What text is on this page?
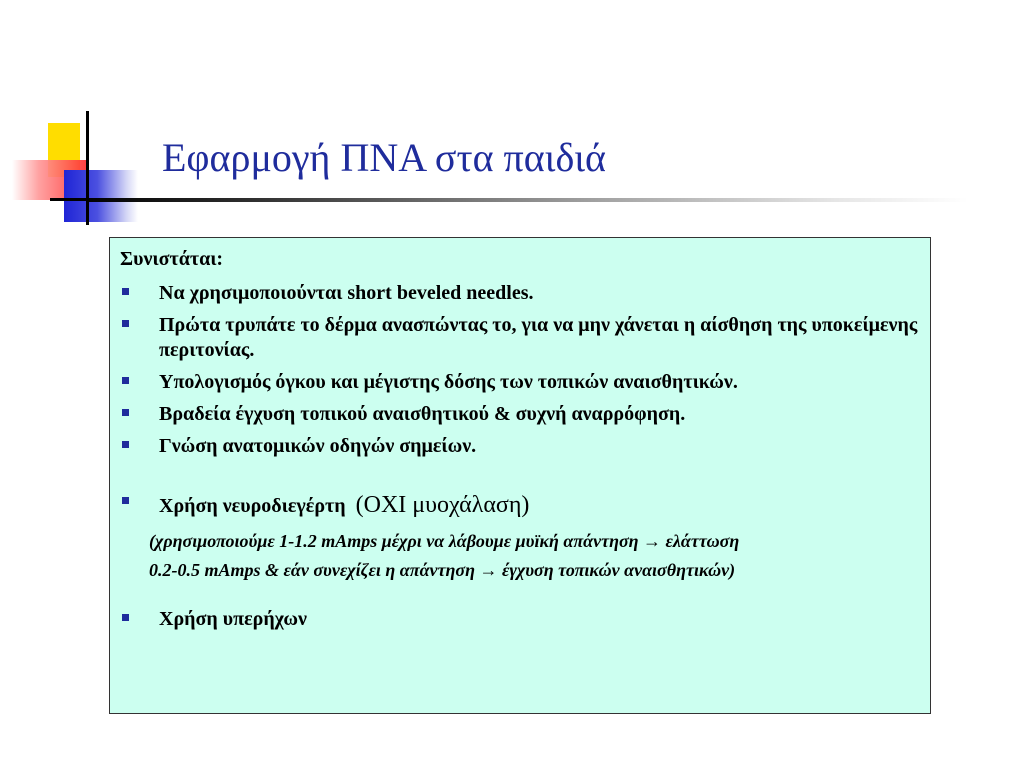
Εφαρμογή ΠΝΑ στα παιδιά

Συνιστάται:

Να χρησιμοποιούνται short beveled needles.
Πρώτα τρυπάτε το δέρμα ανασπώντας το, για να μην χάνεται η αίσθηση της υποκείμενης περιτονίας.
Υπολογισμός όγκου και μέγιστης δόσης των τοπικών αναισθητικών.
Βραδεία έγχυση τοπικού αναισθητικού & συχνή αναρρόφηση.
Γνώση ανατομικών οδηγών σημείων.
Χρήση νευροδιεγέρτη (ΟΧΙ μυοχάλαση)
(χρησιμοποιούμε 1-1.2 mAmps μέχρι να λάβουμε μυϊκή απάντηση → ελάττωση
0.2-0.5 mAmps & εάν συνεχίζει η απάντηση → έγχυση τοπικών αναισθητικών)
Χρήση υπερήχων
